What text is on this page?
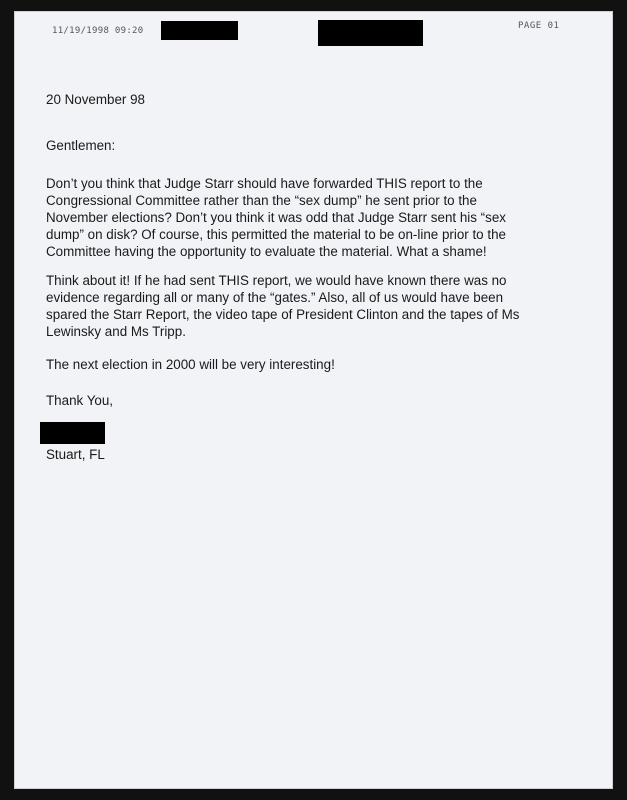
11/19/1998 09:20	PAGE 01
20 November 98
Gentlemen:
Don’t you think that Judge Starr should have forwarded THIS report to the
Congressional Committee rather than the “sex dump” he sent prior to the
November elections? Don’t you think it was odd that Judge Starr sent his “sex
dump” on disk? Of course, this permitted the material to be on-line prior to the
Committee having the opportunity to evaluate the material. What a shame!
Think about it! If he had sent THIS report, we would have known there was no
evidence regarding all or many of the “gates.” Also, all of us would have been
spared the Starr Report, the video tape of President Clinton and the tapes of Ms
Lewinsky and Ms Tripp.
The next election in 2000 will be very interesting!
Thank You,
Stuart, FL
